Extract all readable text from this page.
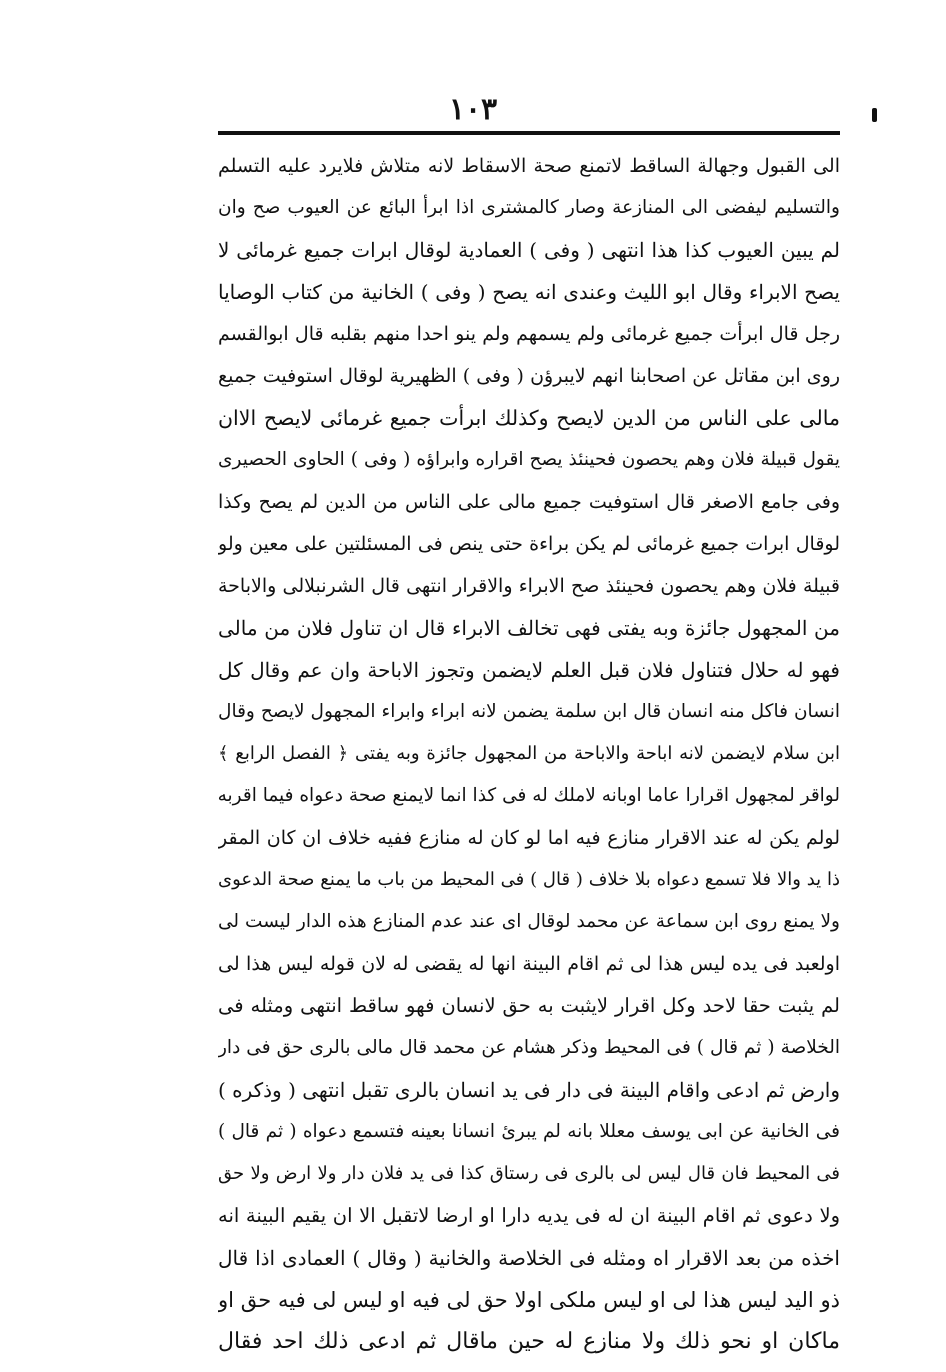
١٠٣
الى القبول وجهالة الساقط لاتمنع صحة الاسقاط لانه متلاش فلايرد عليه التسلم
والتسليم ليفضى الى المنازعة وصار كالمشترى اذا ابرأ البائع عن العيوب صح وان
لم يبين العيوب كذا هذا انتهى ( وفى ) العمادية لوقال ابرات جميع غرمائى لا
يصح الابراء وقال ابو الليث وعندى انه يصح ( وفى ) الخانية من كتاب الوصايا
رجل قال ابرأت جميع غرمائى ولم يسمهم ولم ينو احدا منهم بقلبه قال ابوالقسم
روى ابن مقاتل عن اصحابنا انهم لايبرؤن ( وفى ) الظهيرية لوقال استوفيت جميع
مالى على الناس من الدين لايصح وكذلك ابرأت جميع غرمائى لايصح الاان
يقول قبيلة فلان وهم يحصون فحينئذ يصح اقراره وابراؤه ( وفى ) الحاوى الحصيرى
وفى جامع الاصغر قال استوفيت جميع مالى على الناس من الدين لم يصح وكذا
لوقال ابرات جميع غرمائى لم يكن براءة حتى ينص فى المسئلتين على معين ولو
قبيلة فلان وهم يحصون فحينئذ صح الابراء والاقرار انتهى قال الشرنبلالى والاباحة
من المجهول جائزة وبه يفتى فهى تخالف الابراء قال ان تناول فلان من مالى
فهو له حلال فتناول فلان قبل العلم لايضمن وتجوز الاباحة وان عم وقال كل
انسان فاكل منه انسان قال ابن سلمة يضمن لانه ابراء وابراء المجهول لايصح وقال
ابن سلام لايضمن لانه اباحة والاباحة من المجهول جائزة وبه يفتى ﴿ الفصل الرابع ﴾
لواقر لمجهول اقرارا عاما اوبانه لاملك له فى كذا انما لايمنع صحة دعواه فيما اقربه
لولم يكن له عند الاقرار منازع فيه اما لو كان له منازع ففيه خلاف ان كان المقر
ذا يد والا فلا تسمع دعواه بلا خلاف ( قال ) فى المحيط من باب ما يمنع صحة الدعوى
ولا يمنع روى ابن سماعة عن محمد لوقال اى عند عدم المنازع هذه الدار ليست لى
اولعبد فى يده ليس هذا لى ثم اقام البينة انها له يقضى له لان قوله ليس هذا لى
لم يثبت حقا لاحد وكل اقرار لايثبت به حق لانسان فهو ساقط انتهى ومثله فى
الخلاصة ( ثم قال ) فى المحيط وذكر هشام عن محمد قال مالى بالرى حق فى دار
وارض ثم ادعى واقام البينة فى دار فى يد انسان بالرى تقبل انتهى ( وذكره )
فى الخانية عن ابى يوسف معللا بانه لم يبرئ انسانا بعينه فتسمع دعواه ( ثم قال )
فى المحيط فان قال ليس لى بالرى فى رستاق كذا فى يد فلان دار ولا ارض ولا حق
ولا دعوى ثم اقام البينة ان له فى يديه دارا او ارضا لاتقبل الا ان يقيم البينة انه
اخذه من بعد الاقرار اه ومثله فى الخلاصة والخانية ( وقال ) العمادى اذا قال
ذو اليد ليس هذا لى او ليس ملكى اولا حق لى فيه او ليس لى فيه حق او
ماكان او نحو ذلك ولا منازع له حين ماقال ثم ادعى ذلك احد فقال
